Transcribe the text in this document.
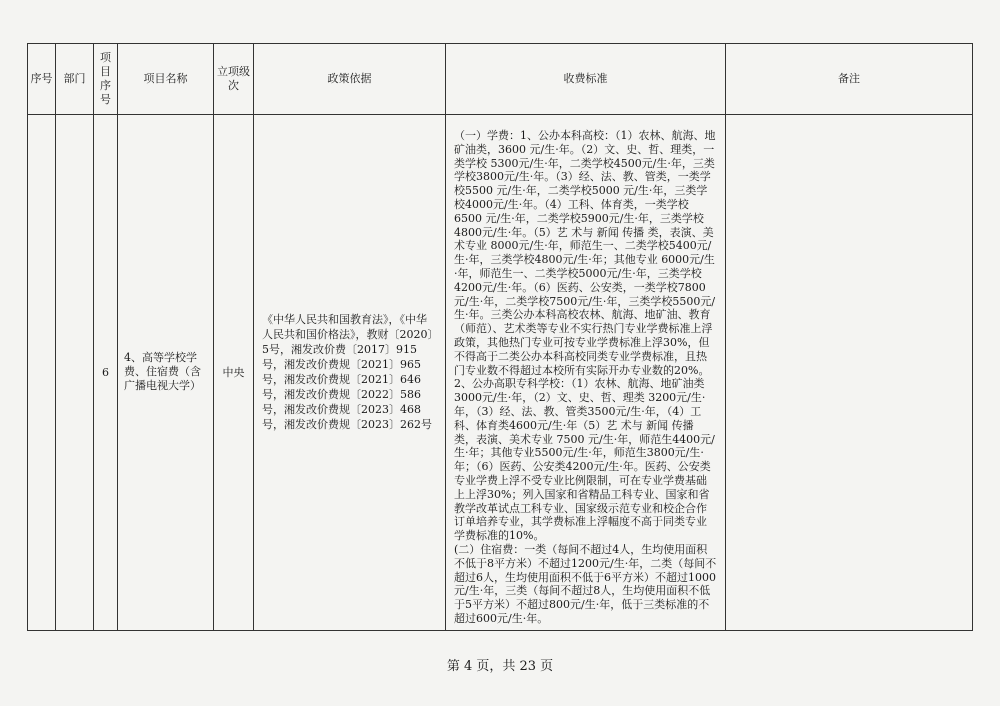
序号	部门	项目序号	项目名称	立项级次	政策依据	收费标准	备注
		6	4、高等学校学费、住宿费（含广播电视大学）	中央	《中华人民共和国教育法》，《中华人民共和国价格法》，教财〔2020〕5号，湘发改价费〔2017〕915号，湘发改价费规〔2021〕965号，湘发改价费规〔2021〕646号，湘发改价费规〔2022〕586号，湘发改价费规〔2023〕468号，湘发改价费规〔2023〕262号	（一）学费：1、公办本科高校：（1）农林、航海、地矿油类，3600 元/生·年。（2）文、史、哲、理类，一类学校 5300元/生·年，二类学校4500元/生·年，三类学校3800元/生·年。（3）经、法、教、管类，一类学校5500 元/生·年，二类学校5000 元/生·年，三类学校4000元/生·年。（4）工科、体育类，一类学校 6500 元/生·年，二类学校5900元/生·年，三类学校4800元/生·年。（5）艺 术与 新闻 传播 类，表演、美术专业 8000元/生·年，师范生一、二类学校5400元/生·年，三类学校4800元/生·年；其他专业 6000元/生·年，师范生一、二类学校5000元/生·年，三类学校4200元/生·年。（6）医药、公安类，一类学校7800元/生·年，二类学校7500元/生·年，三类学校5500元/生·年。三类公办本科高校农林、航海、地矿油、教育（师范）、艺术类等专业不实行热门专业学费标准上浮政策，其他热门专业可按专业学费标准上浮30%，但不得高于二类公办本科高校同类专业学费标准，且热门专业数不得超过本校所有实际开办专业数的20%。

2、公办高职专科学校：（1）农林、航海、地矿油类3000元/生·年，（2）文、史、哲、理类 3200元/生·年，（3）经、法、教、管类3500元/生·年，（4）工科、体育类4600元/生·年（5）艺 术与 新闻 传播 类，表演、美术专业 7500 元/生·年，师范生4400元/生·年；其他专业5500元/生·年，师范生3800元/生·年；（6）医药、公安类4200元/生·年。医药、公安类专业学费上浮不受专业比例限制，可在专业学费基础上上浮30%；列入国家和省精品工科专业、国家和省教学改革试点工科专业、国家级示范专业和校企合作订单培养专业，其学费标准上浮幅度不高于同类专业学费标准的10%。

(二）住宿费：一类（每间不超过4人，生均使用面积不低于8平方米）不超过1200元/生·年，二类（每间不超过6人，生均使用面积不低于6平方米）不超过1000元/生·年，三类（每间不超过8人，生均使用面积不低于5平方米）不超过800元/生·年，低于三类标准的不超过600元/生·年。	

第 4 页，共 23 页
